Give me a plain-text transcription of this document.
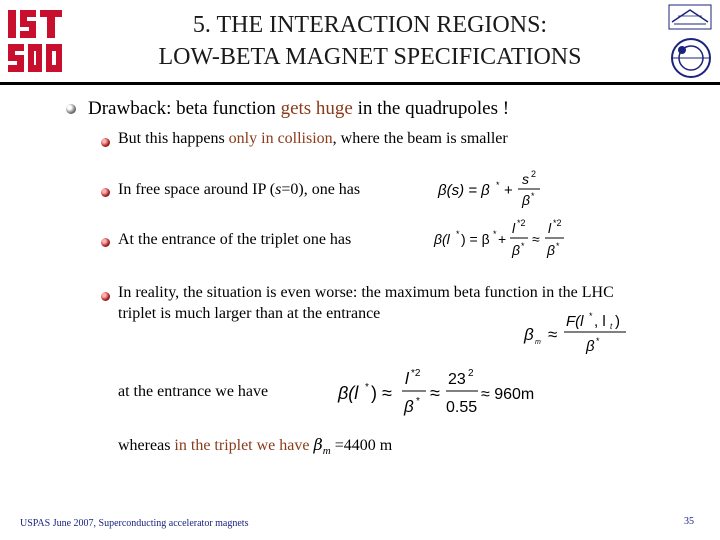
5. THE INTERACTION REGIONS:
LOW-BETA MAGNET SPECIFICATIONS
Drawback: beta function gets huge in the quadrupoles !
But this happens only in collision, where the beam is smaller
In free space around IP (s=0), one has	β(s) = β * +
s 2
β *
At the entrance of the triplet one has	β(l * ) = β * +
l *2
β * ≈
l *2
β *
In reality, the situation is even worse: the maximum beta function in the LHC
triplet is much larger than at the entrance
β m ≈
F(l * , l t )
β *
at the entrance we have	β(l * ) ≈
l *2
β * ≈
23 2
0.55
≈ 960m
whereas in the triplet we have $\beta_m =4400$ m
USPAS June 2007, Superconducting accelerator magnets	35
